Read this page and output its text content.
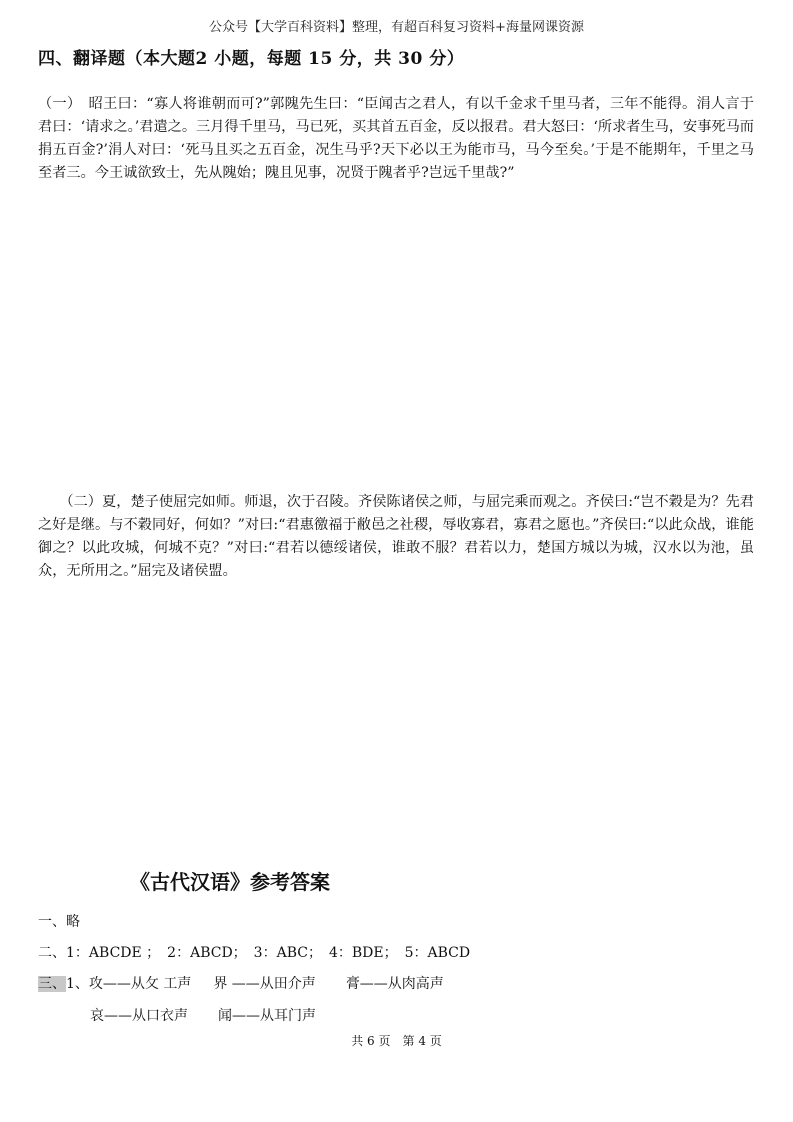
公众号【大学百科资料】整理，有超百科复习资料+海量网课资源
四、翻译题（本大题2 小题，每题 15 分，共 30 分）
（一）　昭王曰：“寡人将谁朝而可?”郭隗先生曰：“臣闻古之君人，有以千金求千里马者，三年不能得。涓人言于君曰：‘请求之。’君遣之。三月得千里马，马已死，买其首五百金，反以报君。君大怒曰：‘所求者生马，安事死马而捐五百金?’涓人对曰：‘死马且买之五百金，况生马乎?天下必以王为能市马，马今至矣。’于是不能期年，千里之马至者三。今王诚欲致士，先从隗始；隗且见事，况贤于隗者乎?岂远千里哉?”
　　（二）夏，楚子使屈完如师。师退，次于召陵。齐侯陈诸侯之师，与屈完乘而观之。齐侯曰:“岂不穀是为？先君之好是继。与不穀同好，何如？”对曰:“君惠徼福于敝邑之社稷，辱收寡君，寡君之愿也。”齐侯曰:“以此众战，谁能御之？以此攻城，何城不克？”对曰:“君若以德绥诸侯，谁敢不服？君若以力，楚国方城以为城，汉水以为池，虽众，无所用之。”屈完及诸侯盟。
《古代汉语》参考答案
一、略
二、1：ABCDE ；　2：ABCD；　3：ABC；　4：BDE；　5：ABCD
三、1、攻——从攵 工声 界 ——从田介声 膏——从肉高声
哀——从口衣声 闻——从耳门声
共 6 页　第 4 页
